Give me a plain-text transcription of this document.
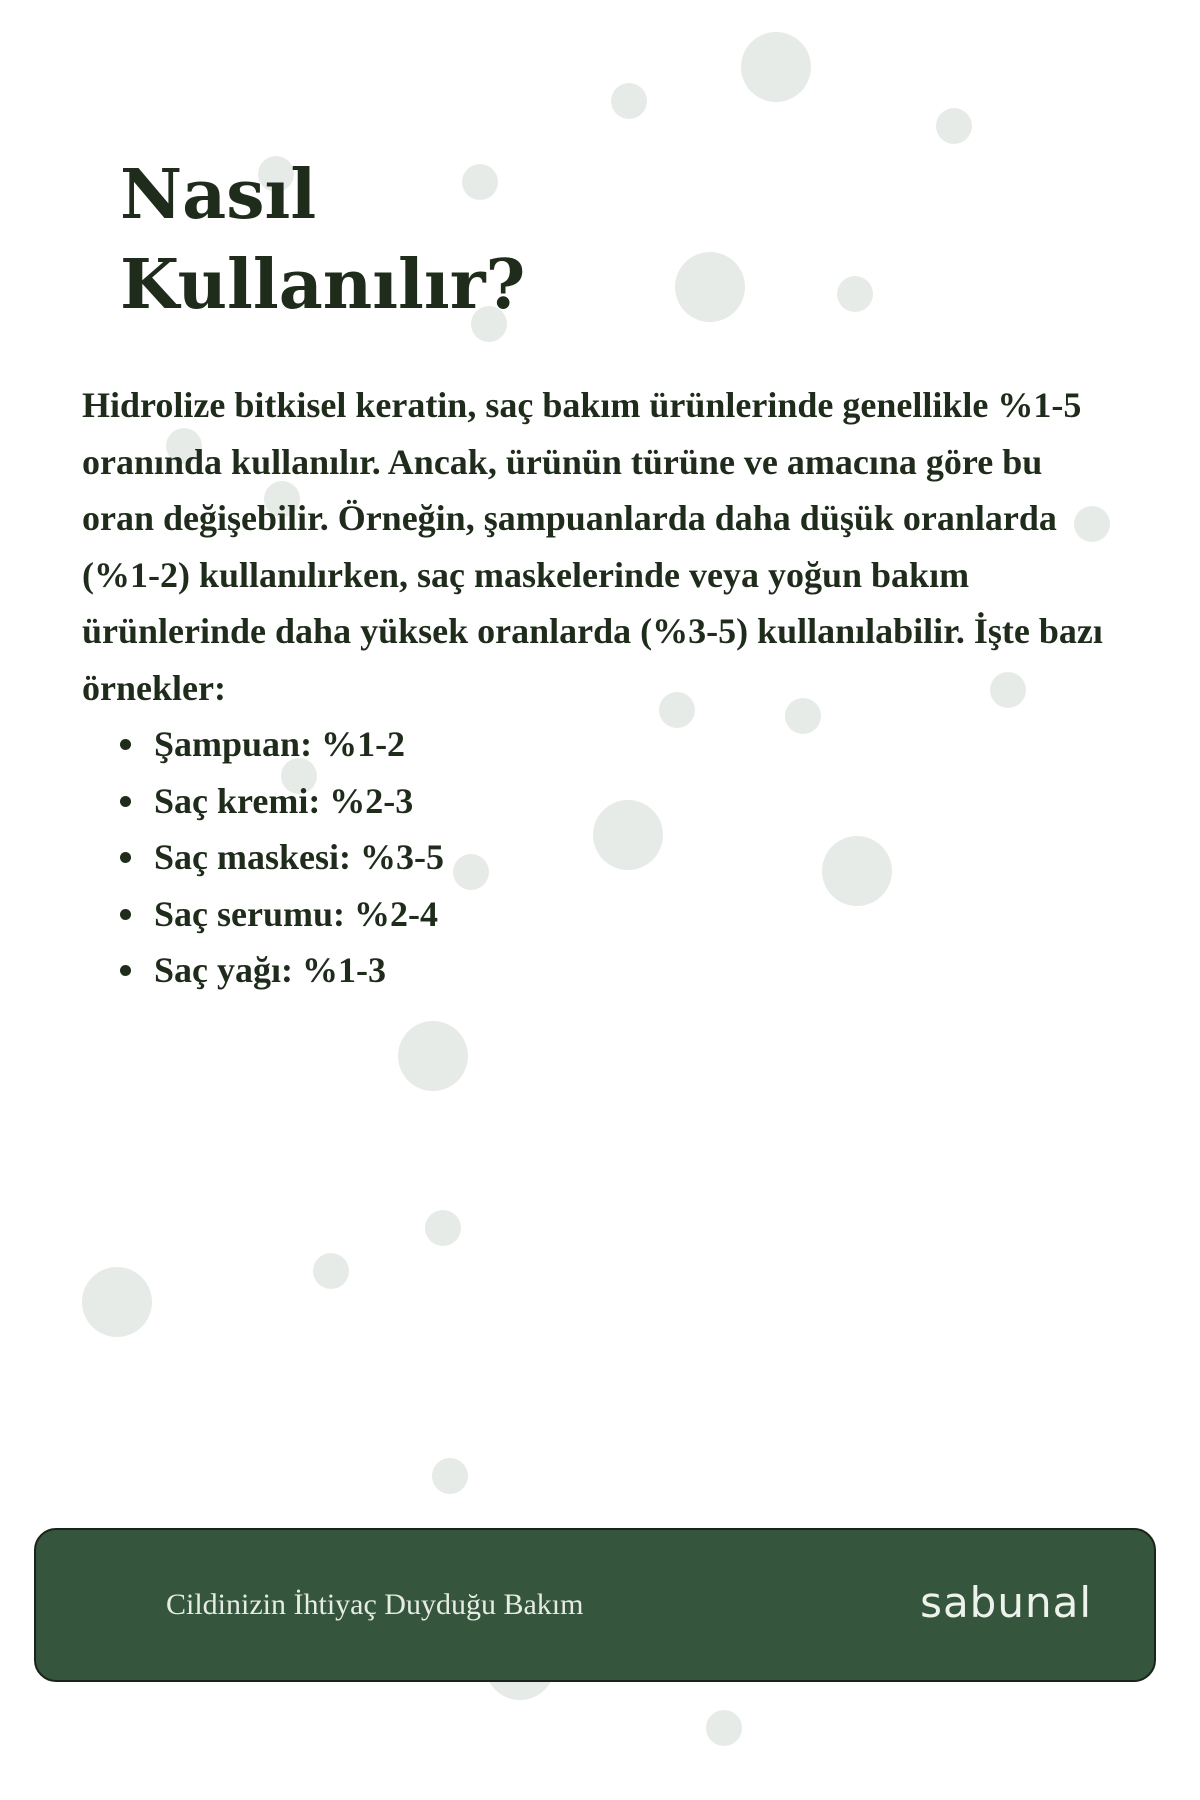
Nasıl
Kullanılır?

Hidrolize bitkisel keratin, saç bakım ürünlerinde genellikle %1-5 oranında kullanılır. Ancak, ürünün türüne ve amacına göre bu oran değişebilir. Örneğin, şampuanlarda daha düşük oranlarda (%1-2) kullanılırken, saç maskelerinde veya yoğun bakım ürünlerinde daha yüksek oranlarda (%3-5) kullanılabilir. İşte bazı örnekler:

Şampuan: %1-2
Saç kremi: %2-3
Saç maskesi: %3-5
Saç serumu: %2-4
Saç yağı: %1-3
Cildinizin İhtiyaç Duyduğu Bakım	sabunal
